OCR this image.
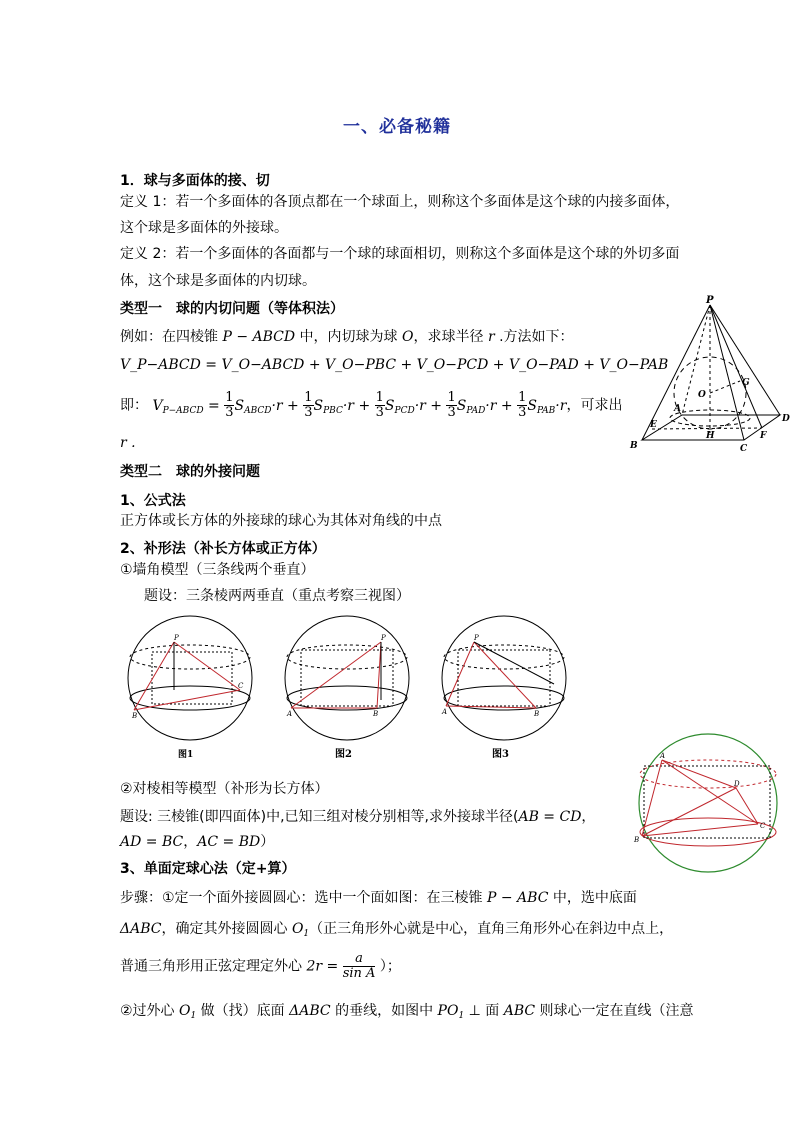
一、必备秘籍
1．球与多面体的接、切
定义 1：若一个多面体的各顶点都在一个球面上，则称这个多面体是这个球的内接多面体，
这个球是多面体的外接球。
定义 2：若一个多面体的各面都与一个球的球面相切，则称这个多面体是这个球的外切多面
体，这个球是多面体的内切球。
类型一　球的内切问题（等体积法）
例如：在四棱锥 P − ABCD 中，内切球为球 O，求球半径 r .方法如下：
V_P−ABCD = V_O−ABCD + V_O−PBC + V_O−PCD + V_O−PAD + V_O−PAB
即： $V_{P-ABCD} = \frac{1}{3} S_{ABCD}\cdot r + \frac{1}{3} S_{PBC}\cdot r + \frac{1}{3} S_{PCD}\cdot r + \frac{1}{3} S_{PAD}\cdot r + \frac{1}{3} S_{PAB}\cdot r$，可求出
r .
P
O
G
A
E
H
B	C
F
D
类型二　球的外接问题
1、公式法
正方体或长方体的外接球的球心为其体对角线的中点
2、补形法（补长方体或正方体）
①墙角模型（三条线两个垂直）
题设：三条棱两两垂直（重点考察三视图）
P
C
B
图1
P
A	B
图2
P
A	B
图3	A
D
B
C
②对棱相等模型（补形为长方体）
题设: 三棱锥(即四面体)中,已知三组对棱分别相等,求外接球半径(AB = CD，
AD = BC，AC = BD）
3、单面定球心法（定+算）
步骤：①定一个面外接圆圆心：选中一个面如图：在三棱锥 P − ABC 中，选中底面
ΔABC，确定其外接圆圆心 $O_1$（正三角形外心就是中心，直角三角形外心在斜边中点上，
普通三角形用正弦定理定外心 $2r = \frac{a}{\text{sin A}}$ ）；
②过外心 $O_1$ 做（找）底面 ΔABC 的垂线，如图中 $PO_1$ ⊥ 面 ABC 则球心一定在直线（注意
